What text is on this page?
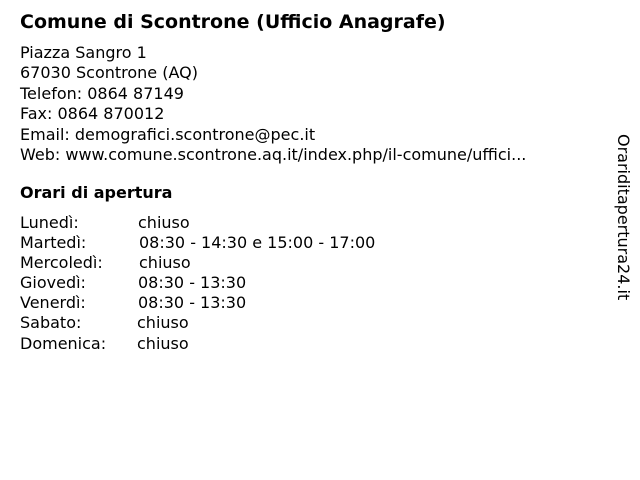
Comune di Scontrone (Ufficio Anagrafe)
Piazza Sangro 1
67030 Scontrone (AQ)
Telefon: 0864 87149
Fax: 0864 870012
Email: demografici.scontrone@pec.it
Web: www.comune.scontrone.aq.it/index.php/il-comune/uffici...
Orari di apertura
Lunedì:	chiuso
Martedì:	08:30 - 14:30 e 15:00 - 17:00
Mercoledì: chiuso
Giovedì:	08:30 - 13:30
Venerdì:	08:30 - 13:30
Sabato:	chiuso
Domenica: chiuso
Orariditapertura24.it
